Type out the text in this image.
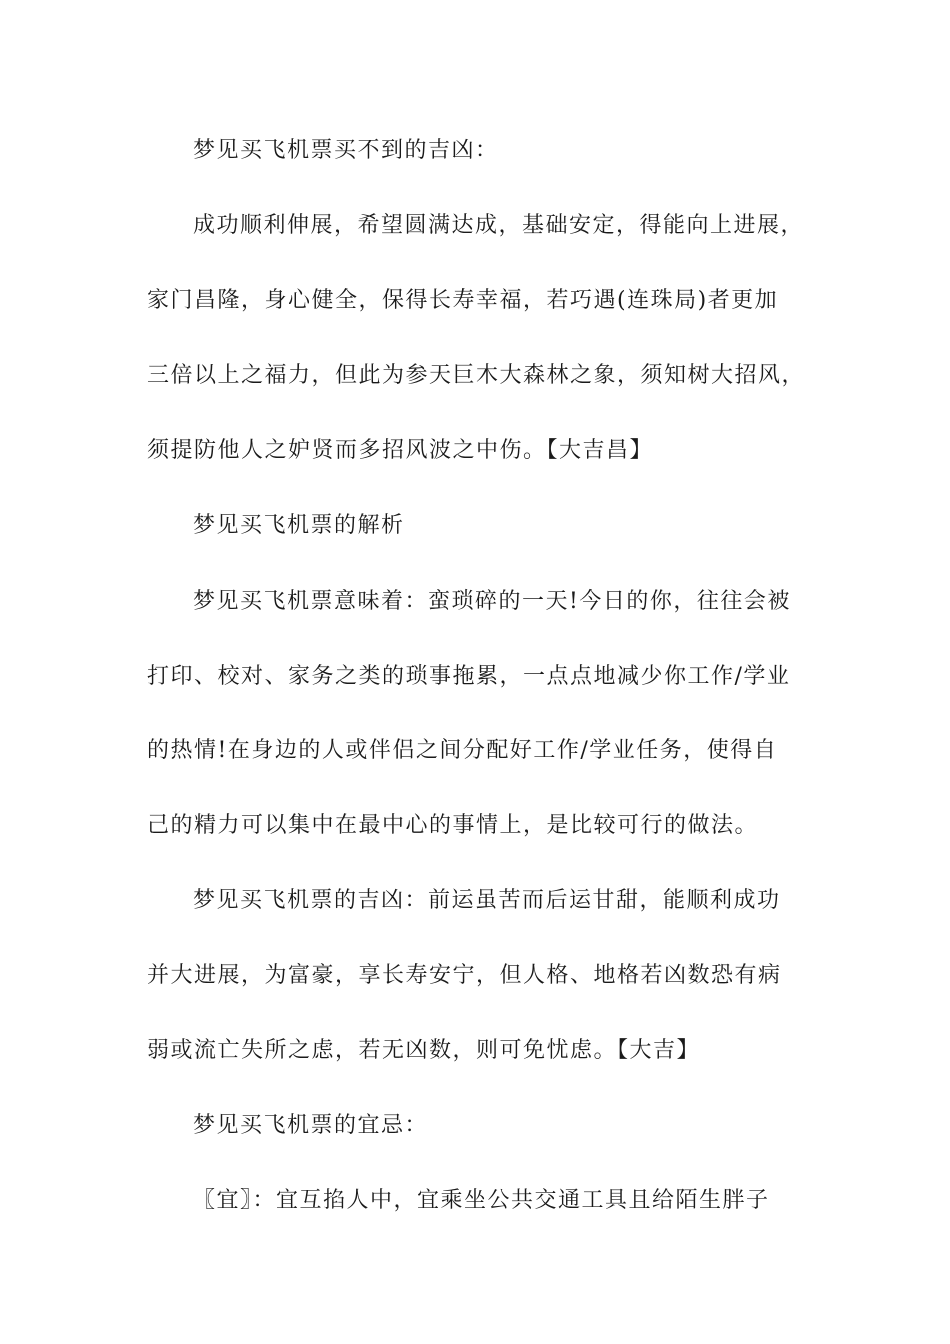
梦见买飞机票买不到的吉凶：

成功顺利伸展，希望圆满达成，基础安定，得能向上进展，

家门昌隆，身心健全，保得长寿幸福，若巧遇(连珠局)者更加

三倍以上之福力，但此为参天巨木大森林之象，须知树大招风，

须提防他人之妒贤而多招风波之中伤。【大吉昌】

梦见买飞机票的解析

梦见买飞机票意味着：蛮琐碎的一天!今日的你，往往会被

打印、校对、家务之类的琐事拖累，一点点地减少你工作/学业

的热情!在身边的人或伴侣之间分配好工作/学业任务，使得自

己的精力可以集中在最中心的事情上，是比较可行的做法。

梦见买飞机票的吉凶：前运虽苦而后运甘甜，能顺利成功

并大进展，为富豪，享长寿安宁，但人格、地格若凶数恐有病

弱或流亡失所之虑，若无凶数，则可免忧虑。【大吉】

梦见买飞机票的宜忌：

〖宜〗：宜互掐人中，宜乘坐公共交通工具且给陌生胖子
